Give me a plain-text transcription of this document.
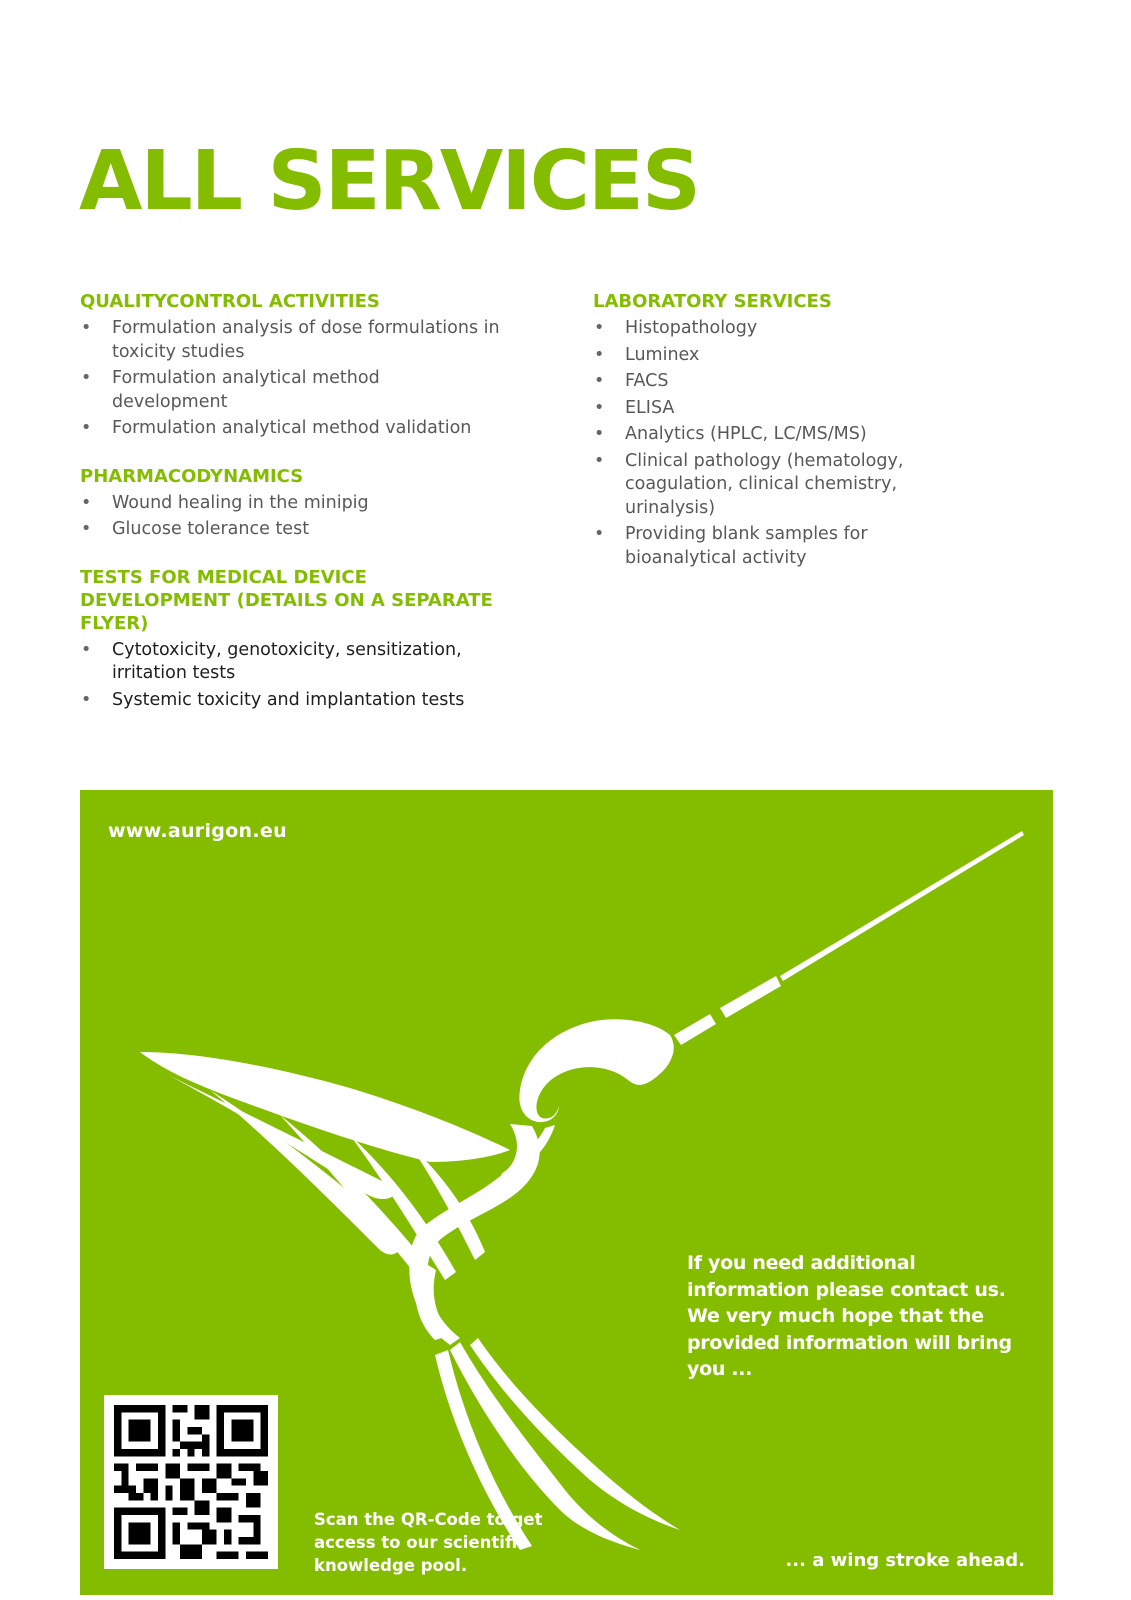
ALL SERVICES
QUALITYCONTROL ACTIVITIES
• Formulation analysis of dose formulations in toxicity studies
• Formulation analytical method development
• Formulation analytical method validation
PHARMACODYNAMICS
• Wound healing in the minipig
• Glucose tolerance test
TESTS FOR MEDICAL DEVICE DEVELOPMENT (DETAILS ON A SEPARATE FLYER)
• Cytotoxicity, genotoxicity, sensitization, irritation tests
• Systemic toxicity and implantation tests
LABORATORY SERVICES
• Histopathology
• Luminex
• FACS
• ELISA
• Analytics (HPLC, LC/MS/MS)
• Clinical pathology (hematology, coagulation, clinical chemistry, urinalysis)
• Providing blank samples for bioanalytical activity
www.aurigon.eu
If you need additional information please contact us. We very much hope that the provided information will bring you ...
Scan the QR-Code to get access to our scientific knowledge pool.	... a wing stroke ahead.
